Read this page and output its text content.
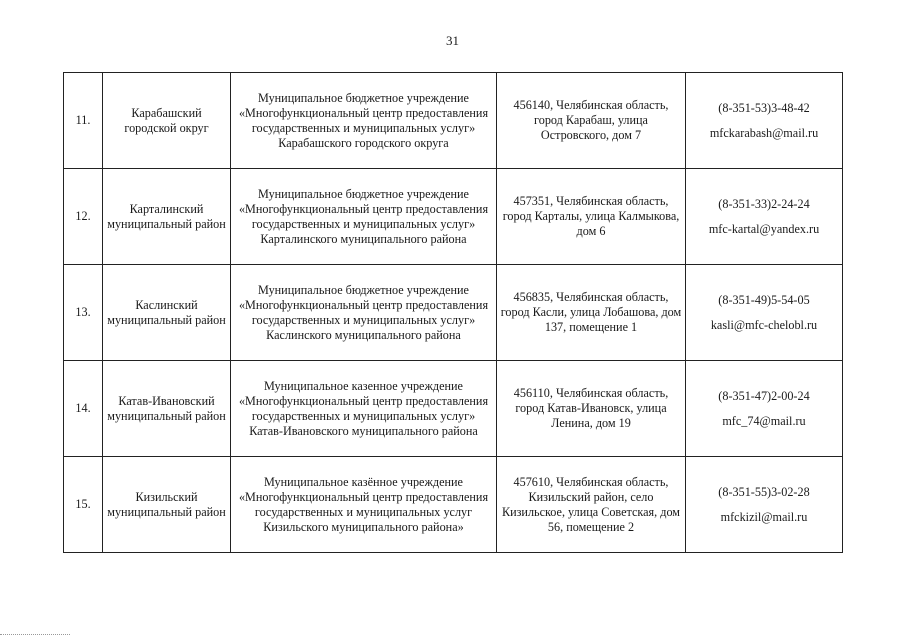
31
11.	Карабашский городской округ	Муниципальное бюджетное учреждение «Многофункциональный центр предоставления государственных и муниципальных услуг» Карабашского городского округа	456140, Челябинская область, город Карабаш, улица Островского, дом 7	(8-351-53)3-48-42
mfckarabash@mail.ru

12.	Карталинский муниципальный район	Муниципальное бюджетное учреждение «Многофункциональный центр предоставления государственных и муниципальных услуг» Карталинского муниципального района	457351, Челябинская область, город Карталы, улица Калмыкова, дом 6	(8-351-33)2-24-24
mfc-kartal@yandex.ru

13.	Каслинский муниципальный район	Муниципальное бюджетное учреждение «Многофункциональный центр предоставления государственных и муниципальных услуг» Каслинского муниципального района	456835, Челябинская область, город Касли, улица Лобашова, дом 137, помещение 1	(8-351-49)5-54-05
kasli@mfc-chelobl.ru

14.	Катав-Ивановский муниципальный район	Муниципальное казенное учреждение «Многофункциональный центр предоставления государственных и муниципальных услуг» Катав-Ивановского муниципального района	456110, Челябинская область, город Катав-Ивановск, улица Ленина, дом 19	(8-351-47)2-00-24
mfc_74@mail.ru

15.	Кизильский муниципальный район	Муниципальное казённое учреждение «Многофункциональный центр предоставления государственных и муниципальных услуг Кизильского муниципального района»	457610, Челябинская область, Кизильский район, село Кизильское, улица Советская, дом 56, помещение 2	(8-351-55)3-02-28
mfckizil@mail.ru
